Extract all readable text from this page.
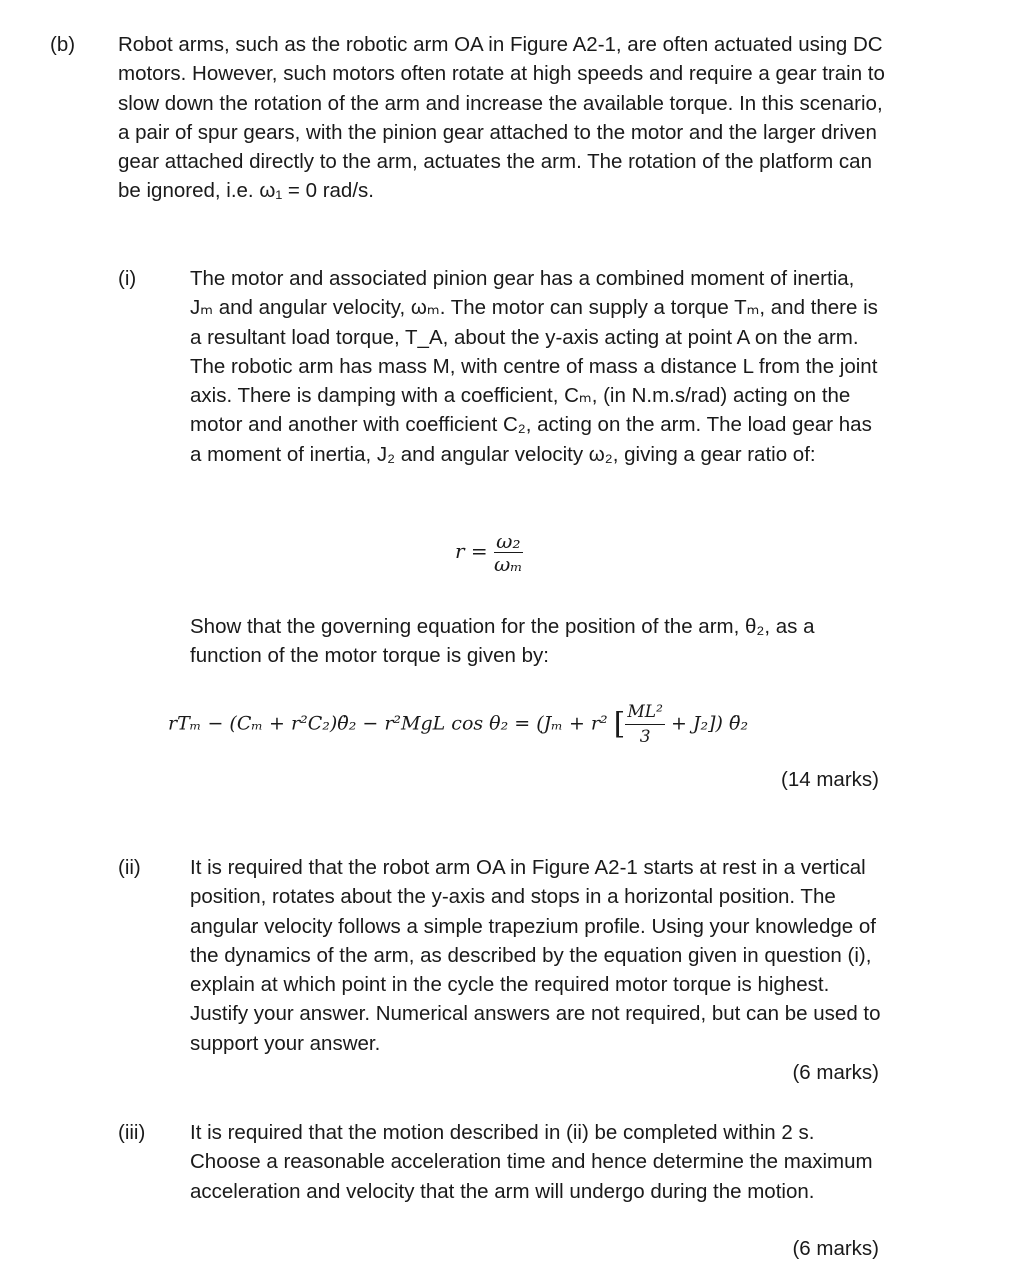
(b) Robot arms, such as the robotic arm OA in Figure A2-1, are often actuated using DC motors. However, such motors often rotate at high speeds and require a gear train to slow down the rotation of the arm and increase the available torque. In this scenario, a pair of spur gears, with the pinion gear attached to the motor and the larger driven gear attached directly to the arm, actuates the arm. The rotation of the platform can be ignored, i.e. ω₁ = 0 rad/s.

(i)	The motor and associated pinion gear has a combined moment of inertia, Jₘ and angular velocity, ωₘ. The motor can supply a torque Tₘ, and there is a resultant load torque, T_A, about the y-axis acting at point A on the arm. The robotic arm has mass M, with centre of mass a distance L from the joint axis. There is damping with a coefficient, Cₘ, (in N.m.s/rad) acting on the motor and another with coefficient C₂, acting on the arm. The load gear has a moment of inertia, J₂ and angular velocity ω₂, giving a gear ratio of:

$r = \frac{\text{ω₂}}{\text{ωₘ}}$

Show that the governing equation for the position of the arm, θ₂, as a function of the motor torque is given by:

rTₘ − (Cₘ + r²C₂)θ̇₂ − r²MgL cos θ₂ = (Jₘ + r² [ $\frac{\text{ML²}}{3} + J_2$]) θ̈₂

(14 marks)

(ii) It is required that the robot arm OA in Figure A2-1 starts at rest in a vertical position, rotates about the y-axis and stops in a horizontal position. The angular velocity follows a simple trapezium profile. Using your knowledge of the dynamics of the arm, as described by the equation given in question (i), explain at which point in the cycle the required motor torque is highest. Justify your answer. Numerical answers are not required, but can be used to support your answer.

(6 marks)

(iii) It is required that the motion described in (ii) be completed within 2 s. Choose a reasonable acceleration time and hence determine the maximum acceleration and velocity that the arm will undergo during the motion.

(6 marks)
